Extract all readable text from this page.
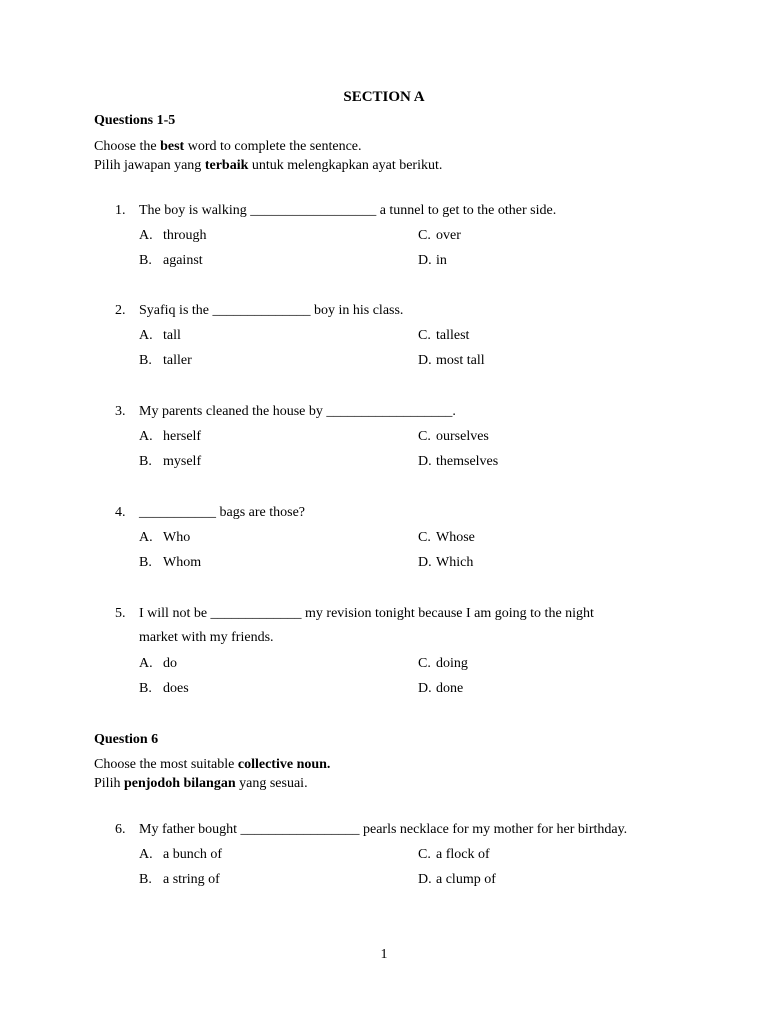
SECTION A
Questions 1-5
Choose the best word to complete the sentence.
Pilih jawapan yang terbaik untuk melengkapkan ayat berikut.
1. The boy is walking __________________ a tunnel to get to the other side.
A. through	C. over
B. against	D. in
2. Syafiq is the ______________ boy in his class.
A. tall	C. tallest
B. taller	D. most tall
3. My parents cleaned the house by __________________.
A. herself	C. ourselves
B. myself	D. themselves
4. ___________ bags are those?
A. Who	C. Whose
B. Whom	D. Which
5. I will not be _____________ my revision tonight because I am going to the night
market with my friends.
A. do	C. doing
B. does	D. done
Question 6
Choose the most suitable collective noun.
Pilih penjodoh bilangan yang sesuai.
6. My father bought _________________ pearls necklace for my mother for her birthday.
A. a bunch of	C. a flock of
B. a string of	D. a clump of
1
